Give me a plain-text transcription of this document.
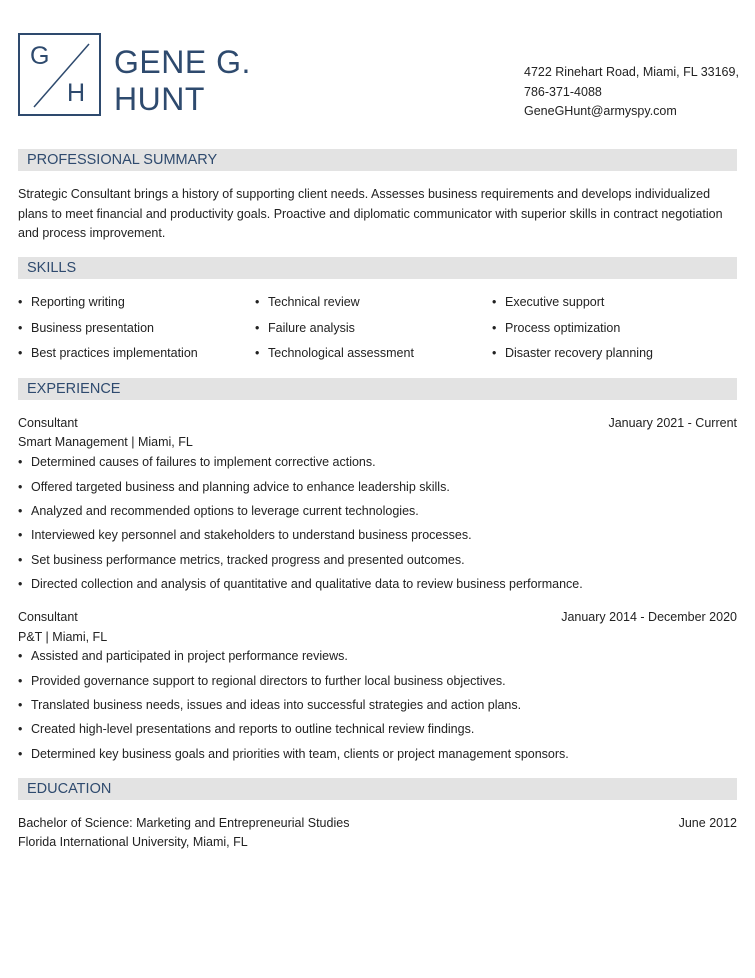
G
H
GENE G.
HUNT
4722 Rinehart Road, Miami, FL 33169,
786-371-4088
GeneGHunt@armyspy.com
PROFESSIONAL SUMMARY
Strategic Consultant brings a history of supporting client needs. Assesses business requirements and develops individualized plans to meet financial and productivity goals. Proactive and diplomatic communicator with superior skills in contract negotiation and process improvement.
SKILLS
• Reporting writing	• Technical review	• Executive support
• Business presentation	• Failure analysis	• Process optimization
• Best practices implementation	• Technological assessment	• Disaster recovery planning
EXPERIENCE
Consultant	January 2021 - Current
Smart Management | Miami, FL
• Determined causes of failures to implement corrective actions.
• Offered targeted business and planning advice to enhance leadership skills.
• Analyzed and recommended options to leverage current technologies.
• Interviewed key personnel and stakeholders to understand business processes.
• Set business performance metrics, tracked progress and presented outcomes.
• Directed collection and analysis of quantitative and qualitative data to review business performance.
Consultant	January 2014 - December 2020
P&T | Miami, FL
• Assisted and participated in project performance reviews.
• Provided governance support to regional directors to further local business objectives.
• Translated business needs, issues and ideas into successful strategies and action plans.
• Created high-level presentations and reports to outline technical review findings.
• Determined key business goals and priorities with team, clients or project management sponsors.
EDUCATION
Bachelor of Science: Marketing and Entrepreneurial Studies	June 2012
Florida International University, Miami, FL
